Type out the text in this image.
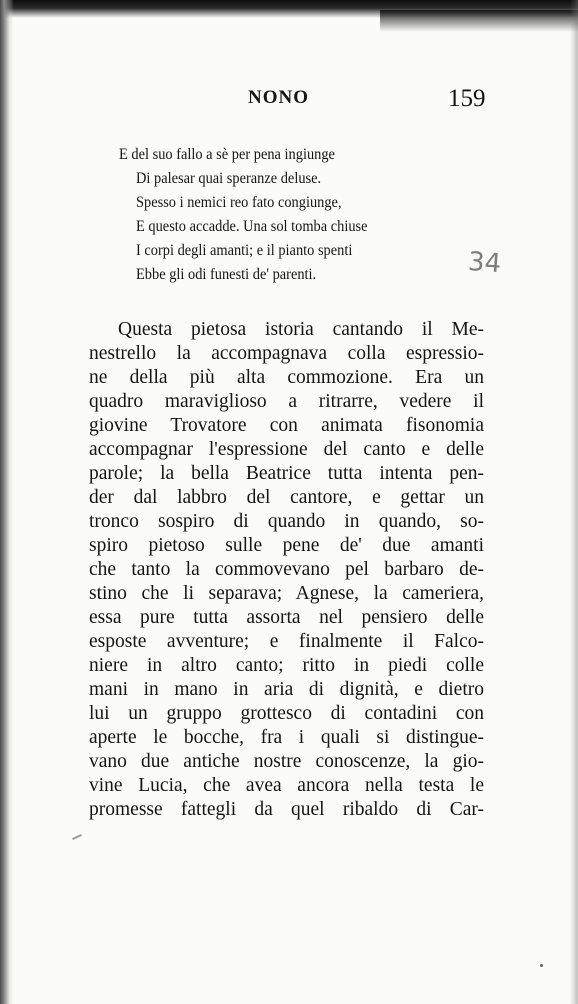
NONO	159
E del suo fallo a sè per pena ingiunge
Di palesar quai speranze deluse.
Spesso i nemici reo fato congiunge,
E questo accadde. Una sol tomba chiuse
I corpi degli amanti; e il pianto spenti
Ebbe gli odi funesti de' parenti.	34
Questa pietosa istoria cantando il Me-
nestrello la accompagnava colla espressio-
ne della più alta commozione. Era un
quadro maraviglioso a ritrarre, vedere il
giovine Trovatore con animata fisonomia
accompagnar l'espressione del canto e delle
parole; la bella Beatrice tutta intenta pen-
der dal labbro del cantore, e gettar un
tronco sospiro di quando in quando, so-
spiro pietoso sulle pene de' due amanti
che tanto la commovevano pel barbaro de-
stino che li separava; Agnese, la cameriera,
essa pure tutta assorta nel pensiero delle
esposte avventure; e finalmente il Falco-
niere in altro canto; ritto in piedi colle
mani in mano in aria di dignità, e dietro
lui un gruppo grottesco di contadini con
aperte le bocche, fra i quali si distingue-
vano due antiche nostre conoscenze, la gio-
vine Lucia, che avea ancora nella testa le
promesse fattegli da quel ribaldo di Car-
